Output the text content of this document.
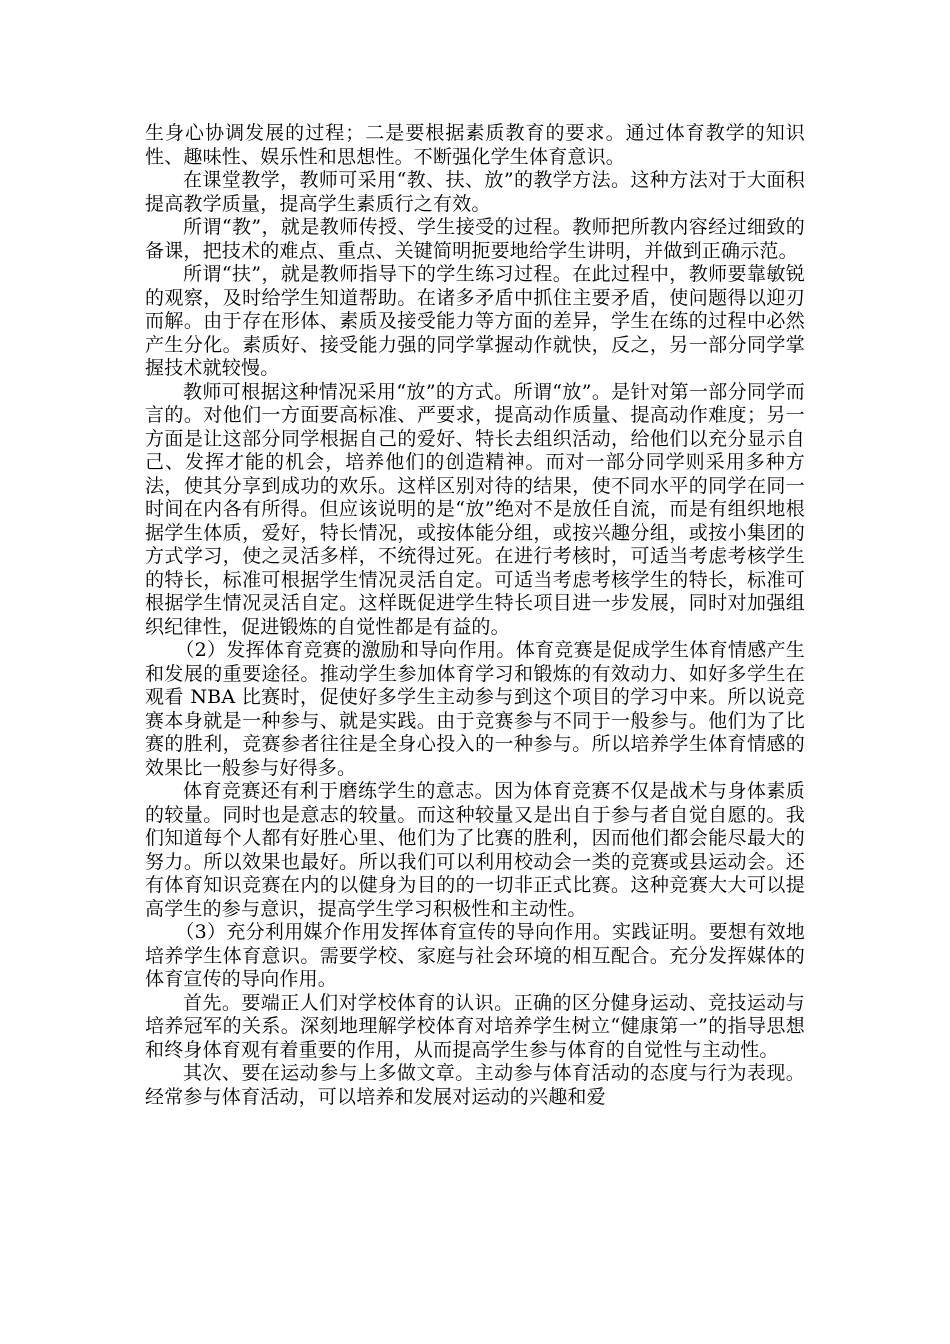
生身心协调发展的过程；二是要根据素质教育的要求。通过体育教学的知识性、趣味性、娱乐性和思想性。不断强化学生体育意识。

在课堂教学，教师可采用“教、扶、放”的教学方法。这种方法对于大面积提高教学质量，提高学生素质行之有效。

所谓“教”，就是教师传授、学生接受的过程。教师把所教内容经过细致的备课，把技术的难点、重点、关键简明扼要地给学生讲明，并做到正确示范。

所谓“扶”，就是教师指导下的学生练习过程。在此过程中，教师要靠敏锐的观察，及时给学生知道帮助。在诸多矛盾中抓住主要矛盾，使问题得以迎刃而解。由于存在形体、素质及接受能力等方面的差异，学生在练的过程中必然产生分化。素质好、接受能力强的同学掌握动作就快，反之，另一部分同学掌握技术就较慢。

教师可根据这种情况采用“放”的方式。所谓“放”。是针对第一部分同学而言的。对他们一方面要高标准、严要求，提高动作质量、提高动作难度；另一方面是让这部分同学根据自己的爱好、特长去组织活动，给他们以充分显示自己、发挥才能的机会，培养他们的创造精神。而对一部分同学则采用多种方法，使其分享到成功的欢乐。这样区别对待的结果，使不同水平的同学在同一时间在内各有所得。但应该说明的是“放”绝对不是放任自流，而是有组织地根据学生体质，爱好，特长情况，或按体能分组，或按兴趣分组，或按小集团的方式学习，使之灵活多样，不统得过死。在进行考核时，可适当考虑考核学生的特长，标准可根据学生情况灵活自定。可适当考虑考核学生的特长，标准可根据学生情况灵活自定。这样既促进学生特长项目进一步发展，同时对加强组织纪律性，促进锻炼的自觉性都是有益的。

（2）发挥体育竞赛的激励和导向作用。体育竞赛是促成学生体育情感产生和发展的重要途径。推动学生参加体育学习和锻炼的有效动力、如好多学生在观看 NBA 比赛时，促使好多学生主动参与到这个项目的学习中来。所以说竞赛本身就是一种参与、就是实践。由于竞赛参与不同于一般参与。他们为了比赛的胜利，竞赛参者往往是全身心投入的一种参与。所以培养学生体育情感的效果比一般参与好得多。

体育竞赛还有利于磨练学生的意志。因为体育竞赛不仅是战术与身体素质的较量。同时也是意志的较量。而这种较量又是出自于参与者自觉自愿的。我们知道每个人都有好胜心里、他们为了比赛的胜利，因而他们都会能尽最大的努力。所以效果也最好。所以我们可以利用校动会一类的竞赛或县运动会。还有体育知识竞赛在内的以健身为目的的一切非正式比赛。这种竞赛大大可以提高学生的参与意识，提高学生学习积极性和主动性。

（3）充分利用媒介作用发挥体育宣传的导向作用。实践证明。要想有效地培养学生体育意识。需要学校、家庭与社会环境的相互配合。充分发挥媒体的体育宣传的导向作用。

首先。要端正人们对学校体育的认识。正确的区分健身运动、竞技运动与培养冠军的关系。深刻地理解学校体育对培养学生树立“健康第一”的指导思想和终身体育观有着重要的作用，从而提高学生参与体育的自觉性与主动性。

其次、要在运动参与上多做文章。主动参与体育活动的态度与行为表现。经常参与体育活动，可以培养和发展对运动的兴趣和爱
